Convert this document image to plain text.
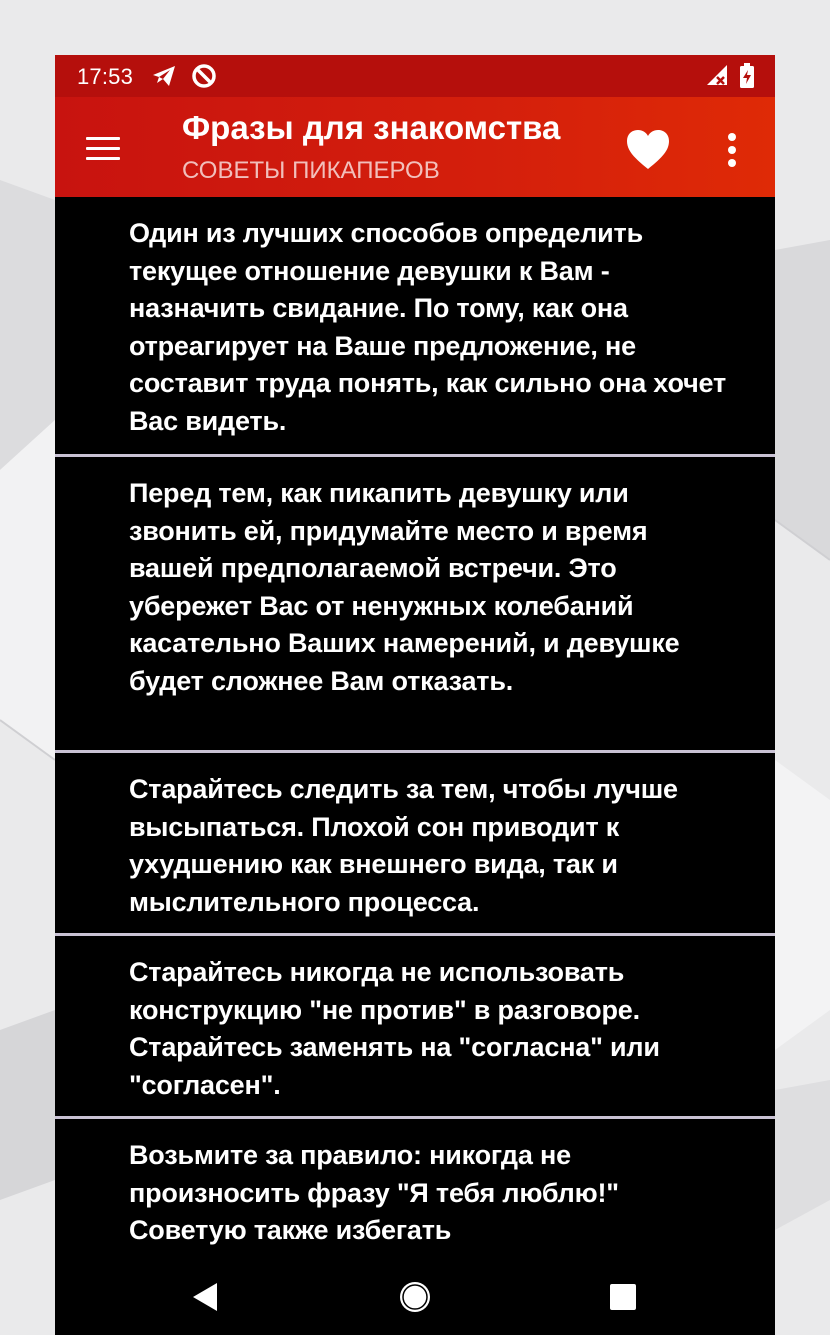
17:53
Фразы для знакомства
СОВЕТЫ ПИКАПЕРОВ
Один из лучших способов определить текущее отношение девушки к Вам - назначить свидание. По тому, как она отреагирует на Ваше предложение, не составит труда понять, как сильно она хочет Вас видеть.
Перед тем, как пикапить девушку или звонить ей, придумайте место и время вашей предполагаемой встречи. Это убережет Вас от ненужных колебаний касательно Ваших намерений, и девушке будет сложнее Вам отказать.
Старайтесь следить за тем, чтобы лучше высыпаться. Плохой сон приводит к ухудшению как внешнего вида, так и мыслительного процесса.
Старайтесь никогда не использовать конструкцию "не против" в разговоре. Старайтесь заменять на "согласна" или "согласен".
Возьмите за правило: никогда не произносить фразу "Я тебя люблю!" Советую также избегать
